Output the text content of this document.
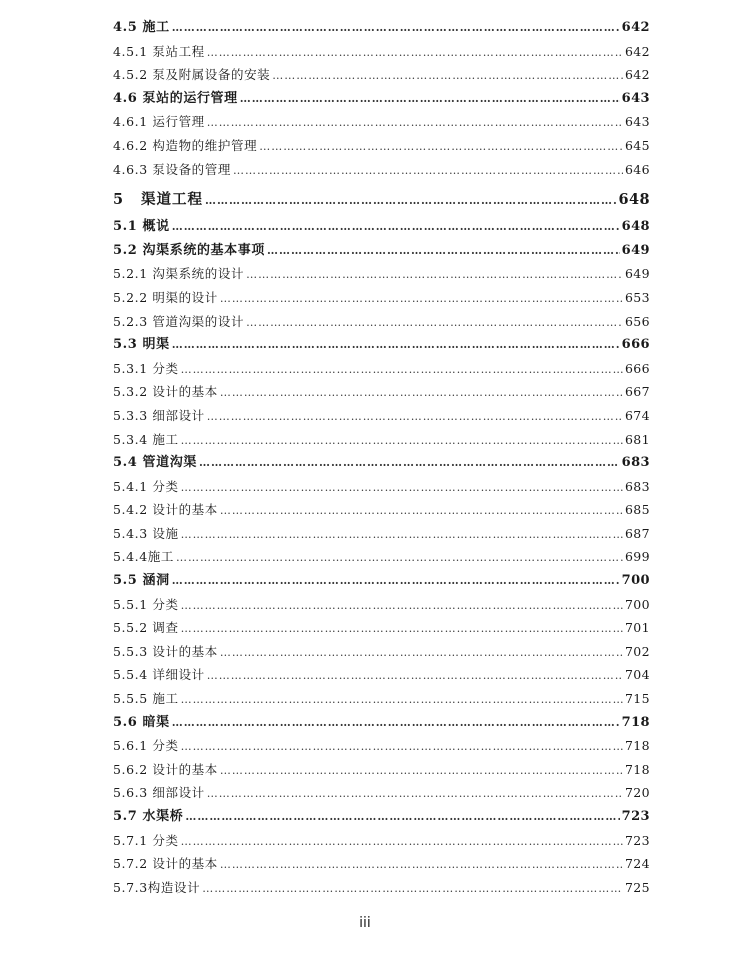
4.5 施工 …………………………………………………………………………………………………………………………………………………………………………………………………………	642
4.5.1 泵站工程 …………………………………………………………………………………………………………………………………………………………………………………………………………	642
4.5.2 泵及附属设备的安装 …………………………………………………………………………………………………………………………………………………………………………………………………………	642
4.6 泵站的运行管理 …………………………………………………………………………………………………………………………………………………………………………………………………………	643
4.6.1 运行管理 …………………………………………………………………………………………………………………………………………………………………………………………………………	643
4.6.2 构造物的维护管理 …………………………………………………………………………………………………………………………………………………………………………………………………………	645
4.6.3 泵设备的管理 …………………………………………………………………………………………………………………………………………………………………………………………………………	646
5 渠道工程 …………………………………………………………………………………………………………………………………………………………………………………………………………	648
5.1 概说 …………………………………………………………………………………………………………………………………………………………………………………………………………	648
5.2 沟渠系统的基本事项 …………………………………………………………………………………………………………………………………………………………………………………………………………	649
5.2.1 沟渠系统的设计 …………………………………………………………………………………………………………………………………………………………………………………………………………	649
5.2.2 明渠的设计 …………………………………………………………………………………………………………………………………………………………………………………………………………	653
5.2.3 管道沟渠的设计 …………………………………………………………………………………………………………………………………………………………………………………………………………	656
5.3 明渠 …………………………………………………………………………………………………………………………………………………………………………………………………………	666
5.3.1 分类 …………………………………………………………………………………………………………………………………………………………………………………………………………	666
5.3.2 设计的基本 …………………………………………………………………………………………………………………………………………………………………………………………………………	667
5.3.3 细部设计 …………………………………………………………………………………………………………………………………………………………………………………………………………	674
5.3.4 施工 …………………………………………………………………………………………………………………………………………………………………………………………………………	681
5.4 管道沟渠 …………………………………………………………………………………………………………………………………………………………………………………………………………	683
5.4.1 分类 …………………………………………………………………………………………………………………………………………………………………………………………………………	683
5.4.2 设计的基本 …………………………………………………………………………………………………………………………………………………………………………………………………………	685
5.4.3 设施 …………………………………………………………………………………………………………………………………………………………………………………………………………	687
5.4.4施工 …………………………………………………………………………………………………………………………………………………………………………………………………………	699
5.5 涵洞 …………………………………………………………………………………………………………………………………………………………………………………………………………	700
5.5.1 分类 …………………………………………………………………………………………………………………………………………………………………………………………………………	700
5.5.2 调查 …………………………………………………………………………………………………………………………………………………………………………………………………………	701
5.5.3 设计的基本 …………………………………………………………………………………………………………………………………………………………………………………………………………	702
5.5.4 详细设计 …………………………………………………………………………………………………………………………………………………………………………………………………………	704
5.5.5 施工 …………………………………………………………………………………………………………………………………………………………………………………………………………	715
5.6 暗渠 …………………………………………………………………………………………………………………………………………………………………………………………………………	718
5.6.1 分类 …………………………………………………………………………………………………………………………………………………………………………………………………………	718
5.6.2 设计的基本 …………………………………………………………………………………………………………………………………………………………………………………………………………	718
5.6.3 细部设计 …………………………………………………………………………………………………………………………………………………………………………………………………………	720
5.7 水渠桥 …………………………………………………………………………………………………………………………………………………………………………………………………………	723
5.7.1 分类 …………………………………………………………………………………………………………………………………………………………………………………………………………	723
5.7.2 设计的基本 …………………………………………………………………………………………………………………………………………………………………………………………………………	724
5.7.3构造设计 …………………………………………………………………………………………………………………………………………………………………………………………………………	725
iii
